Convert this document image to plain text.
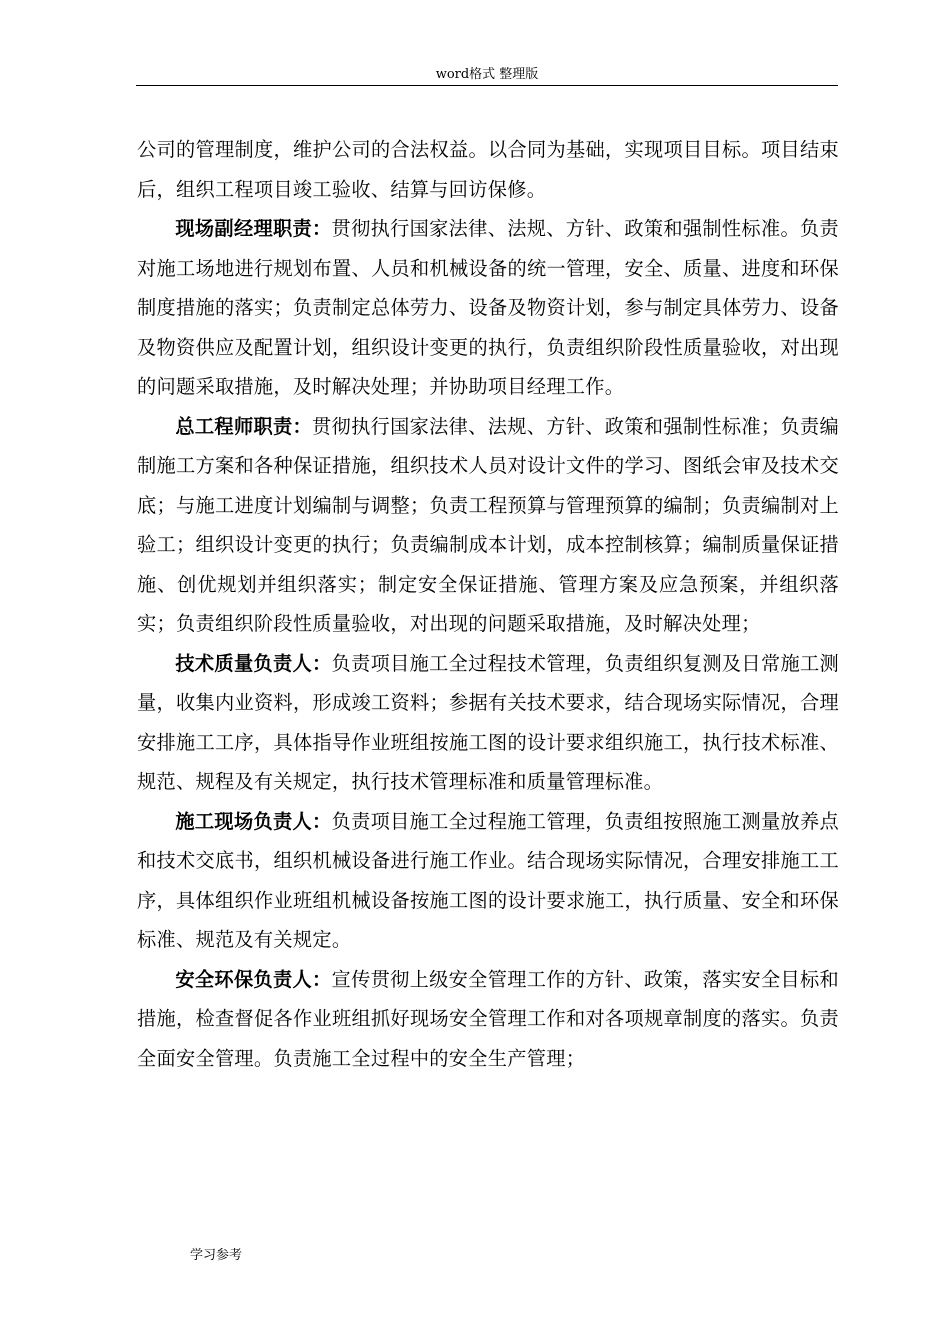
word格式 整理版

公司的管理制度，维护公司的合法权益。以合同为基础，实现项目目标。项目结束后，组织工程项目竣工验收、结算与回访保修。

现场副经理职责：贯彻执行国家法律、法规、方针、政策和强制性标准。负责对施工场地进行规划布置、人员和机械设备的统一管理，安全、质量、进度和环保制度措施的落实；负责制定总体劳力、设备及物资计划，参与制定具体劳力、设备及物资供应及配置计划，组织设计变更的执行，负责组织阶段性质量验收，对出现的问题采取措施，及时解决处理；并协助项目经理工作。

总工程师职责：贯彻执行国家法律、法规、方针、政策和强制性标准；负责编制施工方案和各种保证措施，组织技术人员对设计文件的学习、图纸会审及技术交底；与施工进度计划编制与调整；负责工程预算与管理预算的编制；负责编制对上验工；组织设计变更的执行；负责编制成本计划，成本控制核算；编制质量保证措施、创优规划并组织落实；制定安全保证措施、管理方案及应急预案，并组织落实；负责组织阶段性质量验收，对出现的问题采取措施，及时解决处理；

技术质量负责人：负责项目施工全过程技术管理，负责组织复测及日常施工测量，收集内业资料，形成竣工资料；参据有关技术要求，结合现场实际情况，合理安排施工工序，具体指导作业班组按施工图的设计要求组织施工，执行技术标准、规范、规程及有关规定，执行技术管理标准和质量管理标准。

施工现场负责人：负责项目施工全过程施工管理，负责组按照施工测量放养点和技术交底书，组织机械设备进行施工作业。结合现场实际情况，合理安排施工工序，具体组织作业班组机械设备按施工图的设计要求施工，执行质量、安全和环保标准、规范及有关规定。

安全环保负责人：宣传贯彻上级安全管理工作的方针、政策，落实安全目标和措施，检查督促各作业班组抓好现场安全管理工作和对各项规章制度的落实。负责全面安全管理。负责施工全过程中的安全生产管理；

学习参考
